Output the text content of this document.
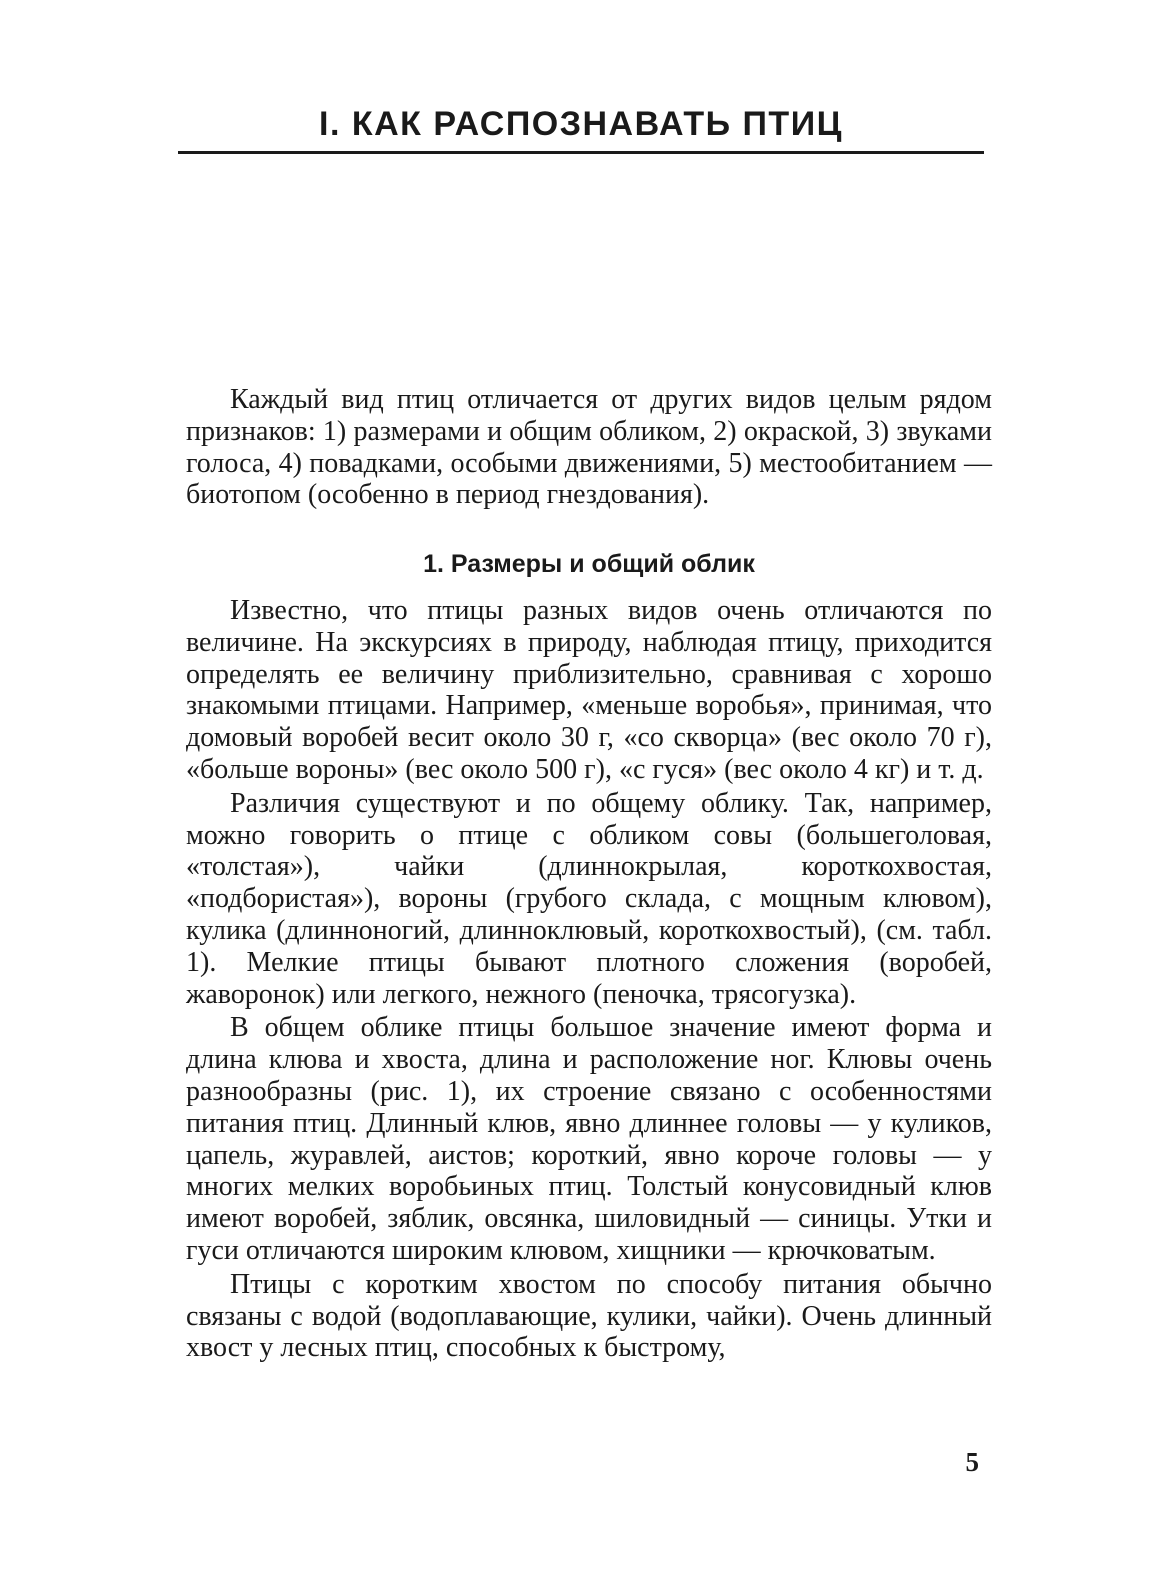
I. КАК РАСПОЗНАВАТЬ ПТИЦ

Каждый вид птиц отличается от других видов целым рядом признаков: 1) размерами и общим обликом, 2) окраской, 3) звуками голоса, 4) повадками, особыми движениями, 5) местообитанием — биотопом (особенно в период гнездования).

1. Размеры и общий облик

Известно, что птицы разных видов очень отличаются по величине. На экскурсиях в природу, наблюдая птицу, приходится определять ее величину приблизительно, сравнивая с хорошо знакомыми птицами. Например, «меньше воробья», принимая, что домовый воробей весит около 30 г, «со скворца» (вес около 70 г), «больше вороны» (вес около 500 г), «с гуся» (вес около 4 кг) и т. д.

Различия существуют и по общему облику. Так, например, можно говорить о птице с обликом совы (большеголовая, «толстая»), чайки (длиннокрылая, короткохвостая, «подбористая»), вороны (грубого склада, с мощным клювом), кулика (длинноногий, длинноклювый, короткохвостый), (см. табл. 1). Мелкие птицы бывают плотного сложения (воробей, жаворонок) или легкого, нежного (пеночка, трясогузка).

В общем облике птицы большое значение имеют форма и длина клюва и хвоста, длина и расположение ног. Клювы очень разнообразны (рис. 1), их строение связано с особенностями питания птиц. Длинный клюв, явно длиннее головы — у куликов, цапель, журавлей, аистов; короткий, явно короче головы — у многих мелких воробьиных птиц. Толстый конусовидный клюв имеют воробей, зяблик, овсянка, шиловидный — синицы. Утки и гуси отличаются широким клювом, хищники — крючковатым.

Птицы с коротким хвостом по способу питания обычно связаны с водой (водоплавающие, кулики, чайки). Очень длинный хвост у лесных птиц, способных к быстрому,

5
